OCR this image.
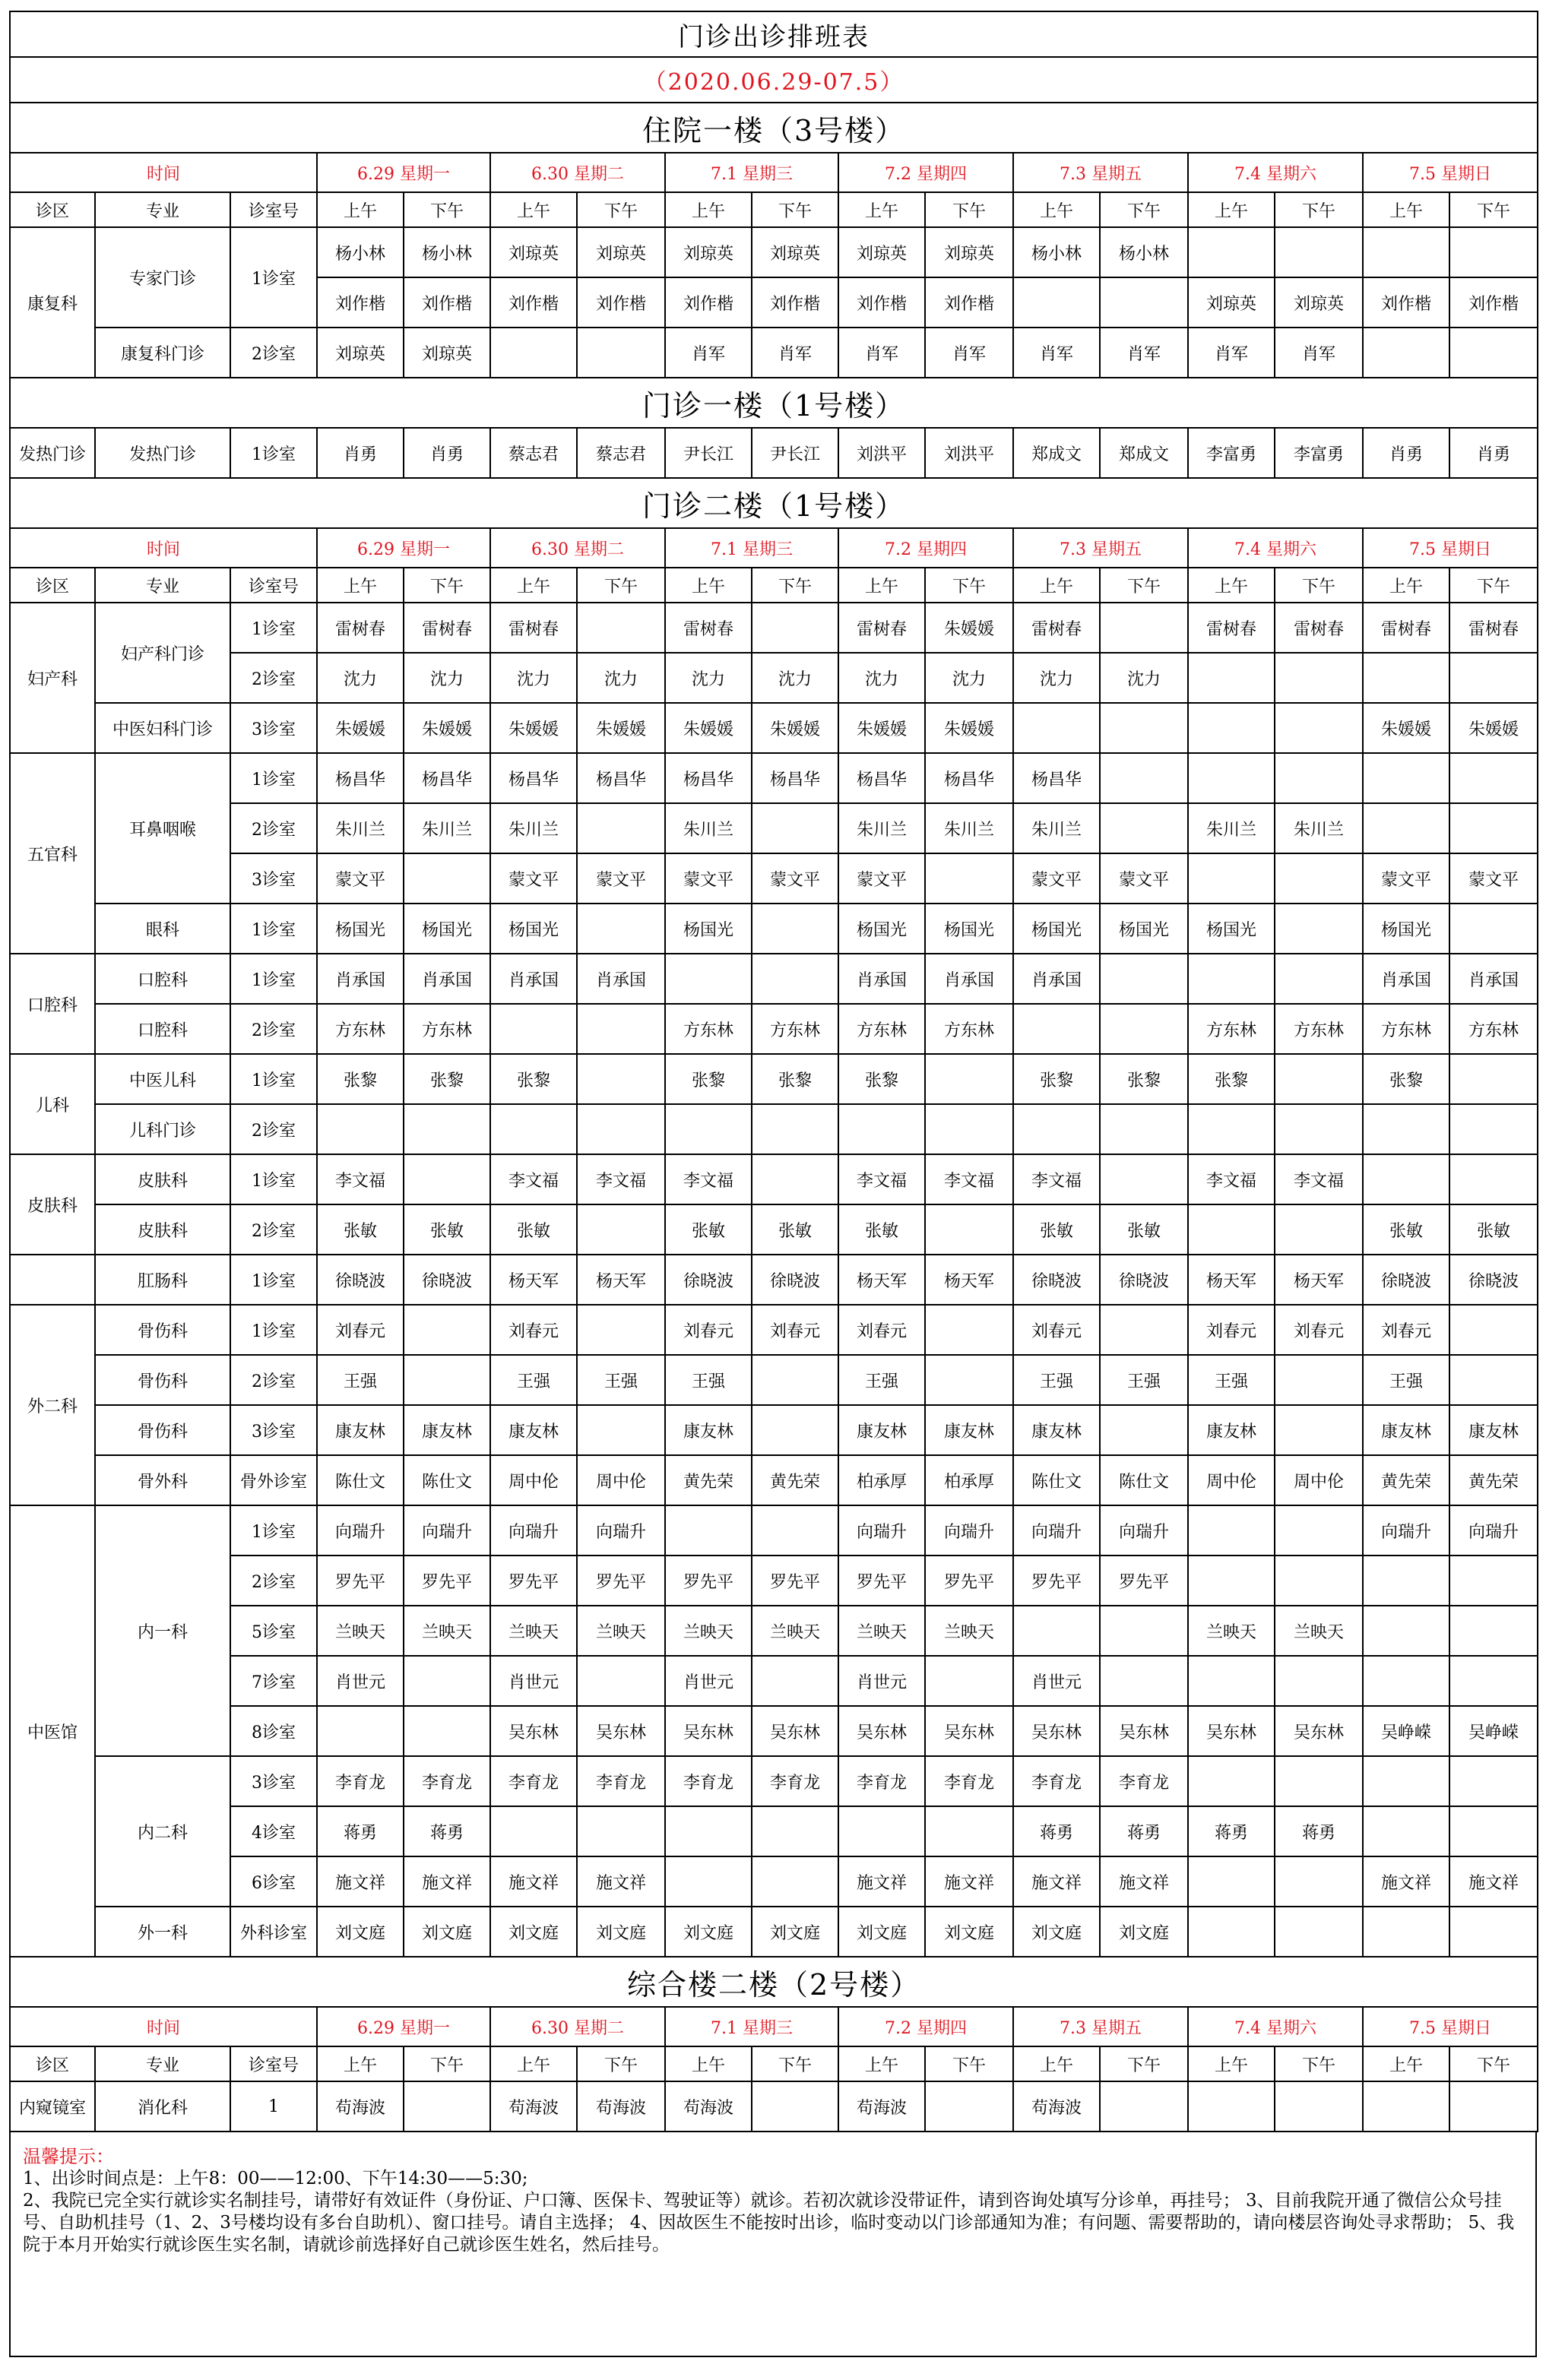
门诊出诊排班表																
（2020.06.29-07.5）																
住院一楼（3号楼）																
时间			6.29 星期一		6.30 星期二		7.1 星期三		7.2 星期四		7.3 星期五		7.4 星期六		7.5 星期日	
诊区	专业	诊室号	上午	下午	上午	下午	上午	下午	上午	下午	上午	下午	上午	下午	上午	下午
康复科	专家门诊	1诊室	杨小林	杨小林	刘琼英	刘琼英	刘琼英	刘琼英	刘琼英	刘琼英	杨小林	杨小林				
			刘作楷	刘作楷	刘作楷	刘作楷	刘作楷	刘作楷	刘作楷	刘作楷			刘琼英	刘琼英	刘作楷	刘作楷
	康复科门诊	2诊室	刘琼英	刘琼英			肖军	肖军	肖军	肖军	肖军	肖军	肖军	肖军		
门诊一楼（1号楼）																
发热门诊	发热门诊	1诊室	肖勇	肖勇	蔡志君	蔡志君	尹长江	尹长江	刘洪平	刘洪平	郑成文	郑成文	李富勇	李富勇	肖勇	肖勇
门诊二楼（1号楼）																
时间			6.29 星期一		6.30 星期二		7.1 星期三		7.2 星期四		7.3 星期五		7.4 星期六		7.5 星期日	
诊区	专业	诊室号	上午	下午	上午	下午	上午	下午	上午	下午	上午	下午	上午	下午	上午	下午
妇产科	妇产科门诊	1诊室	雷树春	雷树春	雷树春		雷树春		雷树春	朱媛媛	雷树春		雷树春	雷树春	雷树春	雷树春
		2诊室	沈力	沈力	沈力	沈力	沈力	沈力	沈力	沈力	沈力	沈力				
	中医妇科门诊	3诊室	朱媛媛	朱媛媛	朱媛媛	朱媛媛	朱媛媛	朱媛媛	朱媛媛	朱媛媛					朱媛媛	朱媛媛
五官科	耳鼻咽喉	1诊室	杨昌华	杨昌华	杨昌华	杨昌华	杨昌华	杨昌华	杨昌华	杨昌华	杨昌华					
		2诊室	朱川兰	朱川兰	朱川兰		朱川兰		朱川兰	朱川兰	朱川兰		朱川兰	朱川兰		
		3诊室	蒙文平		蒙文平	蒙文平	蒙文平	蒙文平	蒙文平		蒙文平	蒙文平			蒙文平	蒙文平
	眼科	1诊室	杨国光	杨国光	杨国光		杨国光		杨国光	杨国光	杨国光	杨国光	杨国光		杨国光	
口腔科	口腔科	1诊室	肖承国	肖承国	肖承国	肖承国			肖承国	肖承国	肖承国				肖承国	肖承国
	口腔科	2诊室	方东林	方东林			方东林	方东林	方东林	方东林			方东林	方东林	方东林	方东林
儿科	中医儿科	1诊室	张黎	张黎	张黎		张黎	张黎	张黎		张黎	张黎	张黎		张黎	
	儿科门诊	2诊室														
皮肤科	皮肤科	1诊室	李文福		李文福	李文福	李文福		李文福	李文福	李文福		李文福	李文福		
	皮肤科	2诊室	张敏	张敏	张敏		张敏	张敏	张敏		张敏	张敏			张敏	张敏
	肛肠科	1诊室	徐晓波	徐晓波	杨天军	杨天军	徐晓波	徐晓波	杨天军	杨天军	徐晓波	徐晓波	杨天军	杨天军	徐晓波	徐晓波
外二科	骨伤科	1诊室	刘春元		刘春元		刘春元	刘春元	刘春元		刘春元		刘春元	刘春元	刘春元	
	骨伤科	2诊室	王强		王强	王强	王强		王强		王强	王强	王强		王强	
	骨伤科	3诊室	康友林	康友林	康友林		康友林		康友林	康友林	康友林		康友林		康友林	康友林
	骨外科	骨外诊室	陈仕文	陈仕文	周中伦	周中伦	黄先荣	黄先荣	柏承厚	柏承厚	陈仕文	陈仕文	周中伦	周中伦	黄先荣	黄先荣
中医馆	内一科	1诊室	向瑞升	向瑞升	向瑞升	向瑞升			向瑞升	向瑞升	向瑞升	向瑞升			向瑞升	向瑞升
		2诊室	罗先平	罗先平	罗先平	罗先平	罗先平	罗先平	罗先平	罗先平	罗先平	罗先平				
		5诊室	兰映天	兰映天	兰映天	兰映天	兰映天	兰映天	兰映天	兰映天			兰映天	兰映天		
		7诊室	肖世元		肖世元		肖世元		肖世元		肖世元					
		8诊室			吴东林	吴东林	吴东林	吴东林	吴东林	吴东林	吴东林	吴东林	吴东林	吴东林	吴峥嵘	吴峥嵘
	内二科	3诊室	李育龙	李育龙	李育龙	李育龙	李育龙	李育龙	李育龙	李育龙	李育龙	李育龙				
		4诊室	蒋勇	蒋勇							蒋勇	蒋勇	蒋勇	蒋勇		
		6诊室	施文祥	施文祥	施文祥	施文祥			施文祥	施文祥	施文祥	施文祥			施文祥	施文祥
	外一科	外科诊室	刘文庭	刘文庭	刘文庭	刘文庭	刘文庭	刘文庭	刘文庭	刘文庭	刘文庭	刘文庭				
综合楼二楼（2号楼）																
时间			6.29 星期一		6.30 星期二		7.1 星期三		7.2 星期四		7.3 星期五		7.4 星期六		7.5 星期日	
诊区	专业	诊室号	上午	下午	上午	下午	上午	下午	上午	下午	上午	下午	上午	下午	上午	下午
内窥镜室	消化科	1	苟海波		苟海波	苟海波	苟海波		苟海波		苟海波					

温馨提示：

1、出诊时间点是：上午8：00——12:00、下午14:30——5:30;

2、我院已完全实行就诊实名制挂号，请带好有效证件（身份证、户口簿、医保卡、驾驶证等）就诊。若初次就诊没带证件，请到咨询处填写分诊单，再挂号； 3、目前我院开通了微信公众号挂号、自助机挂号（1、2、3号楼均设有多台自助机）、窗口挂号。请自主选择； 4、因故医生不能按时出诊，临时变动以门诊部通知为准；有问题、需要帮助的，请向楼层咨询处寻求帮助； 5、我院于本月开始实行就诊医生实名制，请就诊前选择好自己就诊医生姓名，然后挂号。
